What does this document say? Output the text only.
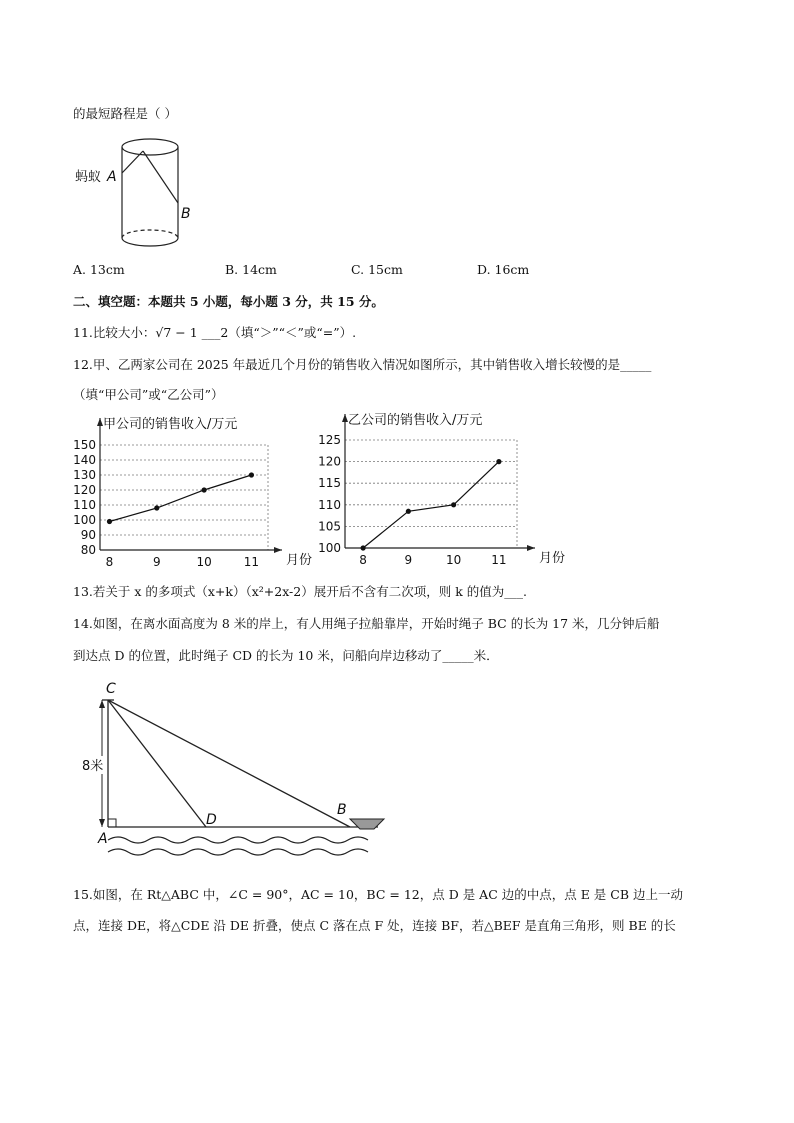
的最短路程是（ ）
蚂蚁 A
B
A. 13cm	B. 14cm	C. 15cm	D. 16cm
二、填空题：本题共 5 小题，每小题 3 分，共 15 分。
11.比较大小：√7 − 1 ___2（填“＞”“＜”或“=”）.
12.甲、乙两家公司在 2025 年最近几个月份的销售收入情况如图所示，其中销售收入增长较慢的是_____
（填“甲公司”或“乙公司”）
80
90
100
110
120
130
140
150
8	9	10	11
甲公司的销售收入/万元
月份
100
105
110
115
120
125
8	9	10 11
乙公司的销售收入/万元
月份
13.若关于 x 的多项式（x+k）（x²+2x-2）展开后不含有二次项，则 k 的值为___.
14.如图，在离水面高度为 8 米的岸上，有人用绳子拉船靠岸，开始时绳子 BC 的长为 17 米，几分钟后船
到达点 D 的位置，此时绳子 CD 的长为 10 米，问船向岸边移动了_____米．
C
A
D
B
8米
15.如图，在 Rt△ABC 中，∠C = 90°，AC = 10，BC = 12，点 D 是 AC 边的中点，点 E 是 CB 边上一动
点，连接 DE，将△CDE 沿 DE 折叠，使点 C 落在点 F 处，连接 BF，若△BEF 是直角三角形，则 BE 的长
